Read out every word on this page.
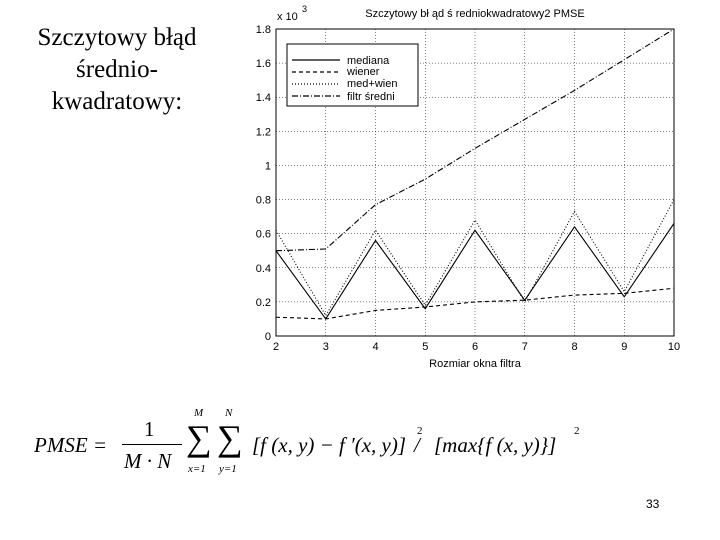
Szczytowy błąd
średnio-
kwadratowy:
Szczytowy bł ąd ś redniokwadratowy2 PMSE
x 10
3
2	3	4	5	6	7	8	9	10
0
0.2
0.4
0.6
0.8
1
1.2
1.4
1.6
1.8
Rozmiar okna filtra
mediana
wiener
med+wien
filtr średni
PMSE =
1
M · N
M
∑
x=1
N
∑
y=1
[f (x, y) − f ′(x, y)]
2
/ [max{f (x, y)}]
2
33
